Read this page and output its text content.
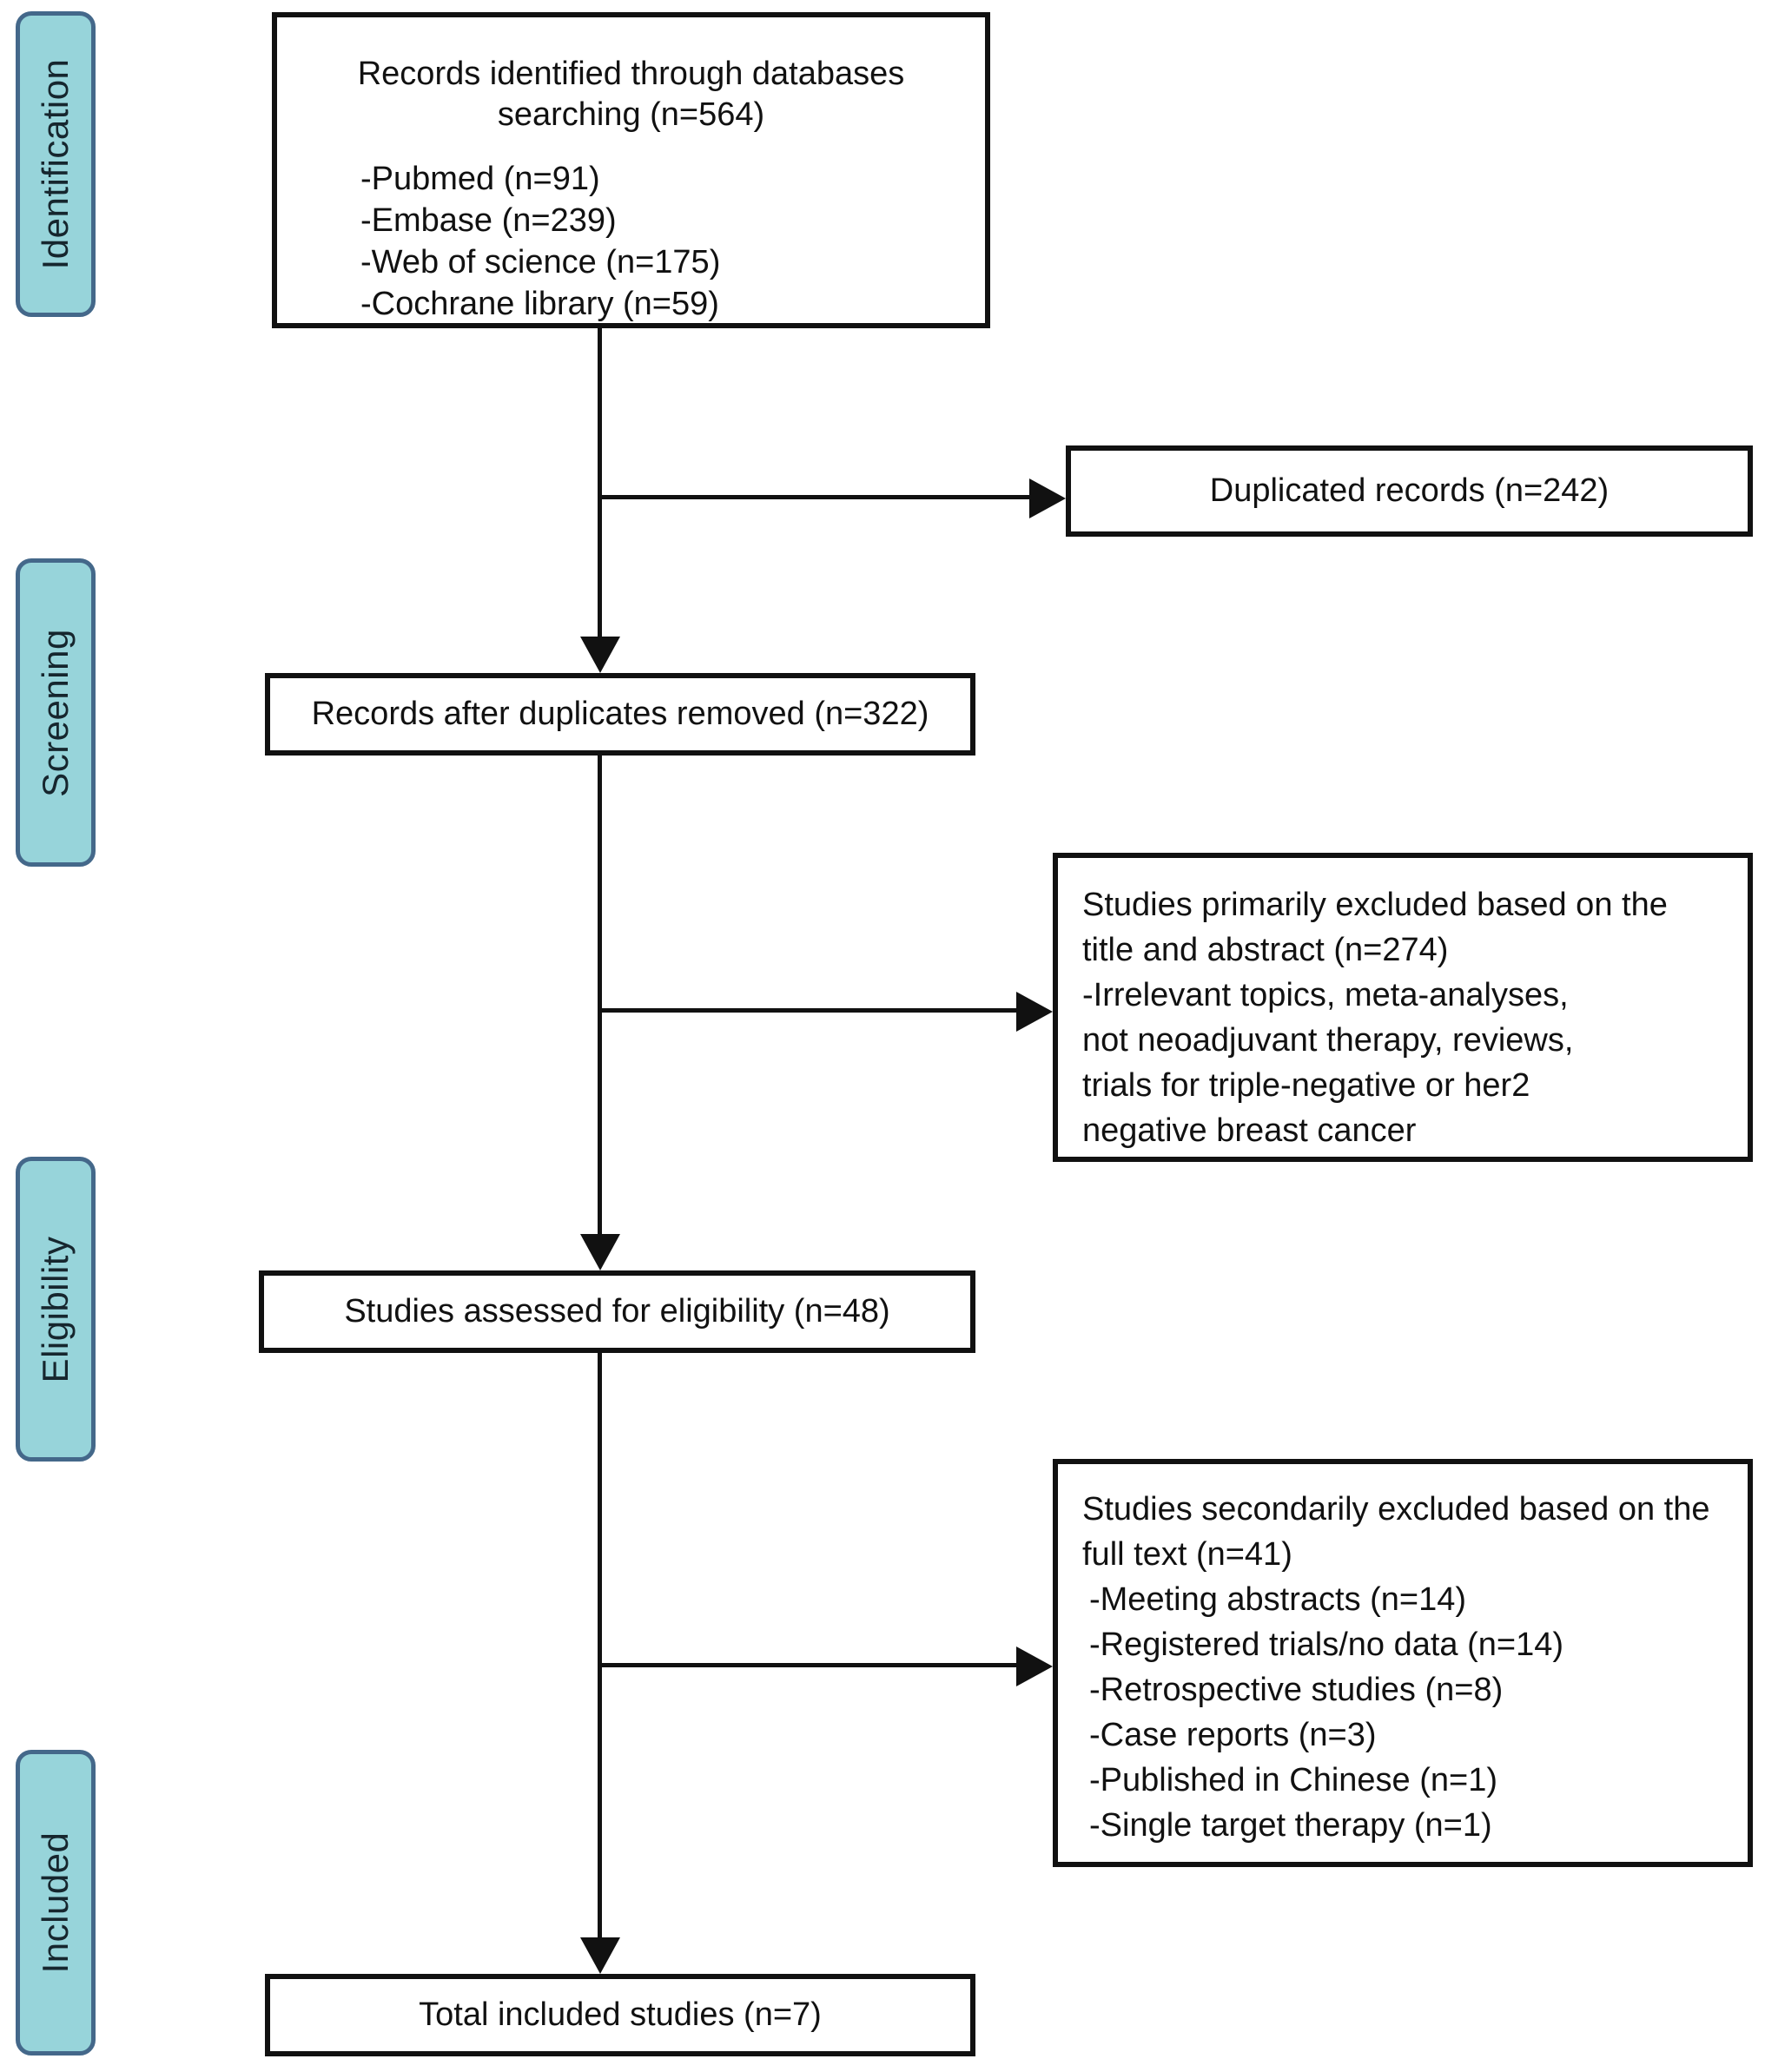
Identification
Screening
Eligibility
Included
Records identified through databases
searching (n=564)
-Pubmed (n=91)
-Embase (n=239)
-Web of science (n=175)
-Cochrane library (n=59)
Duplicated records (n=242)
Records after duplicates removed (n=322)
Studies primarily excluded based on the
title and abstract (n=274)
-Irrelevant topics, meta-analyses,
not neoadjuvant therapy, reviews,
trials for triple-negative or her2
negative breast cancer
Studies assessed for eligibility (n=48)
Studies secondarily excluded based on the
full text (n=41)
-Meeting abstracts (n=14)
-Registered trials/no data (n=14)
-Retrospective studies (n=8)
-Case reports (n=3)
-Published in Chinese (n=1)
-Single target therapy (n=1)
Total included studies (n=7)
